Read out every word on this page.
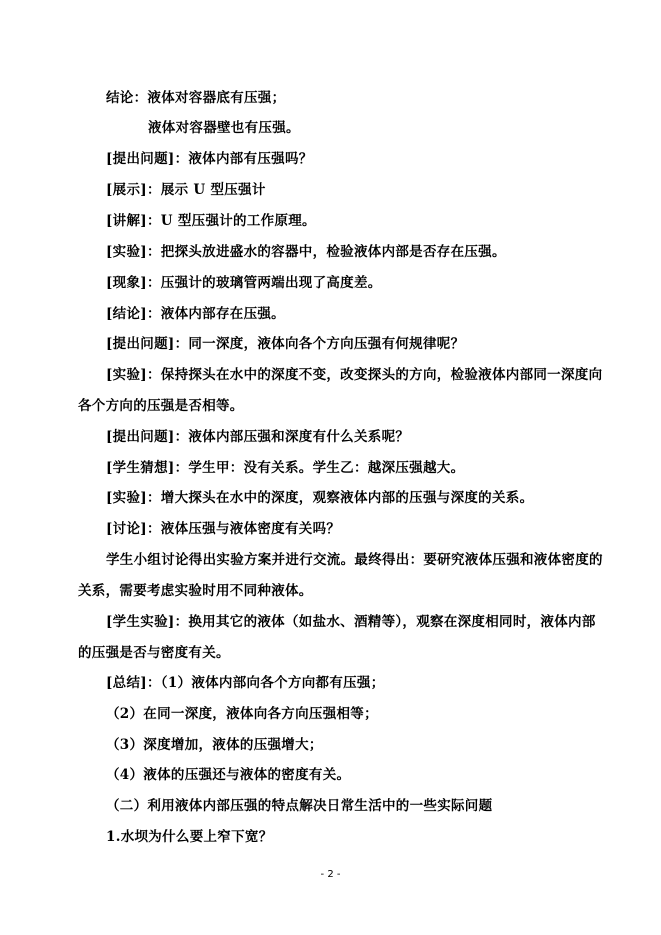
结论：液体对容器底有压强；
液体对容器壁也有压强。
[提出问题]：液体内部有压强吗？
[展示]：展示 U 型压强计
[讲解]：U 型压强计的工作原理。
[实验]：把探头放进盛水的容器中，检验液体内部是否存在压强。
[现象]：压强计的玻璃管两端出现了高度差。
[结论]：液体内部存在压强。
[提出问题]：同一深度，液体向各个方向压强有何规律呢？
[实验]：保持探头在水中的深度不变，改变探头的方向，检验液体内部同一深度向
各个方向的压强是否相等。
[提出问题]：液体内部压强和深度有什么关系呢？
[学生猜想]：学生甲：没有关系。学生乙：越深压强越大。
[实验]：增大探头在水中的深度，观察液体内部的压强与深度的关系。
[讨论]：液体压强与液体密度有关吗？
学生小组讨论得出实验方案并进行交流。最终得出：要研究液体压强和液体密度的
关系，需要考虑实验时用不同种液体。
[学生实验]：换用其它的液体（如盐水、酒精等），观察在深度相同时，液体内部
的压强是否与密度有关。
[总结]：（1）液体内部向各个方向都有压强；
（2）在同一深度，液体向各方向压强相等；
（3）深度增加，液体的压强增大；
（4）液体的压强还与液体的密度有关。
（二）利用液体内部压强的特点解决日常生活中的一些实际问题
1.水坝为什么要上窄下宽？
- 2 -
